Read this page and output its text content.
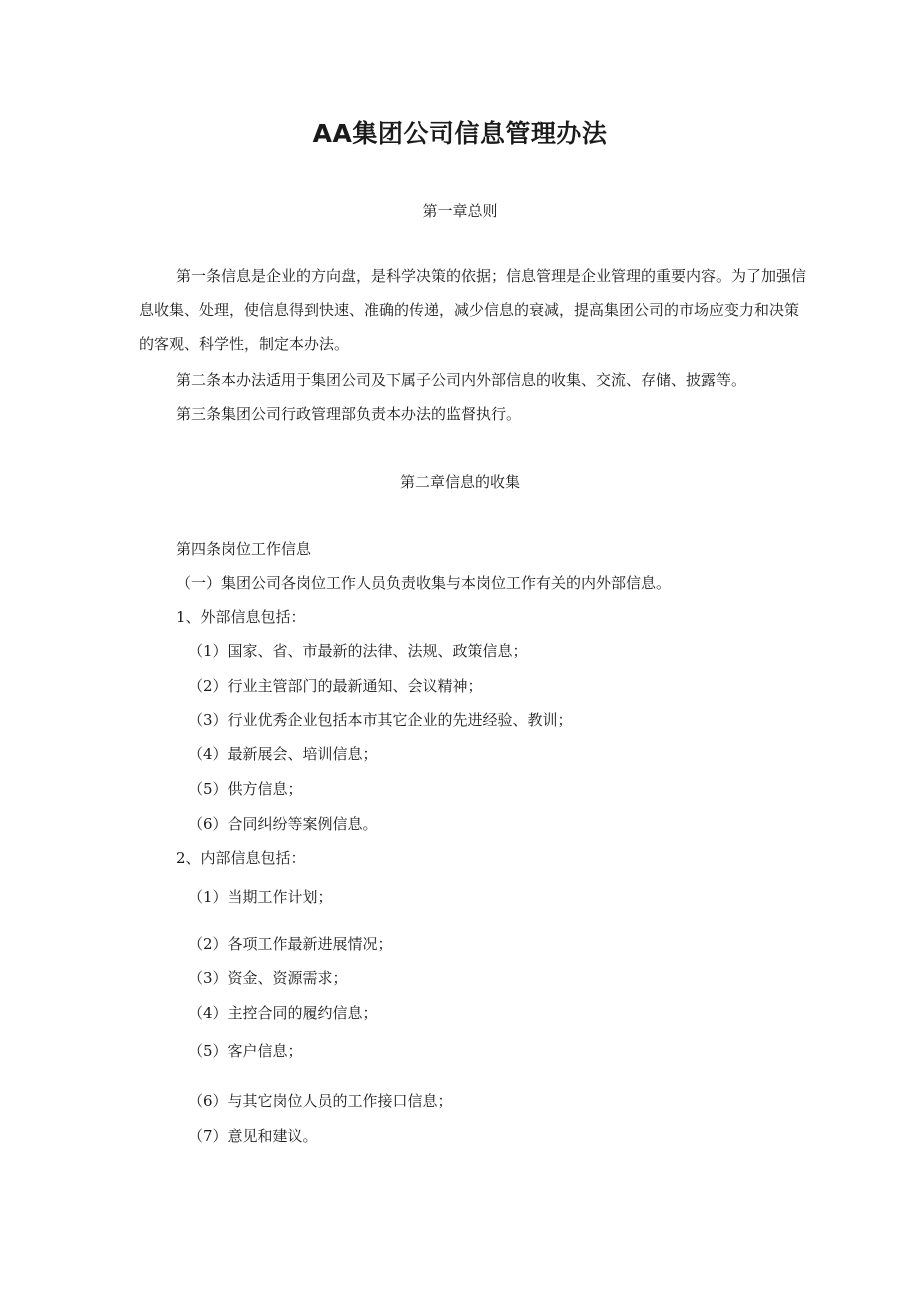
AA集团公司信息管理办法
第一章总则
第一条信息是企业的方向盘，是科学决策的依据；信息管理是企业管理的重要内容。为了加强信息收集、处理，使信息得到快速、准确的传递，减少信息的衰减，提高集团公司的市场应变力和决策的客观、科学性，制定本办法。
第二条本办法适用于集团公司及下属子公司内外部信息的收集、交流、存储、披露等。
第三条集团公司行政管理部负责本办法的监督执行。
第二章信息的收集
第四条岗位工作信息
（一）集团公司各岗位工作人员负责收集与本岗位工作有关的内外部信息。
1、外部信息包括：
（1）国家、省、市最新的法律、法规、政策信息；
（2）行业主管部门的最新通知、会议精神；
（3）行业优秀企业包括本市其它企业的先进经验、教训；
（4）最新展会、培训信息；
（5）供方信息；
（6）合同纠纷等案例信息。
2、内部信息包括：
（1）当期工作计划；
（2）各项工作最新进展情况；
（3）资金、资源需求；
（4）主控合同的履约信息；
（5）客户信息；
（6）与其它岗位人员的工作接口信息；
（7）意见和建议。
